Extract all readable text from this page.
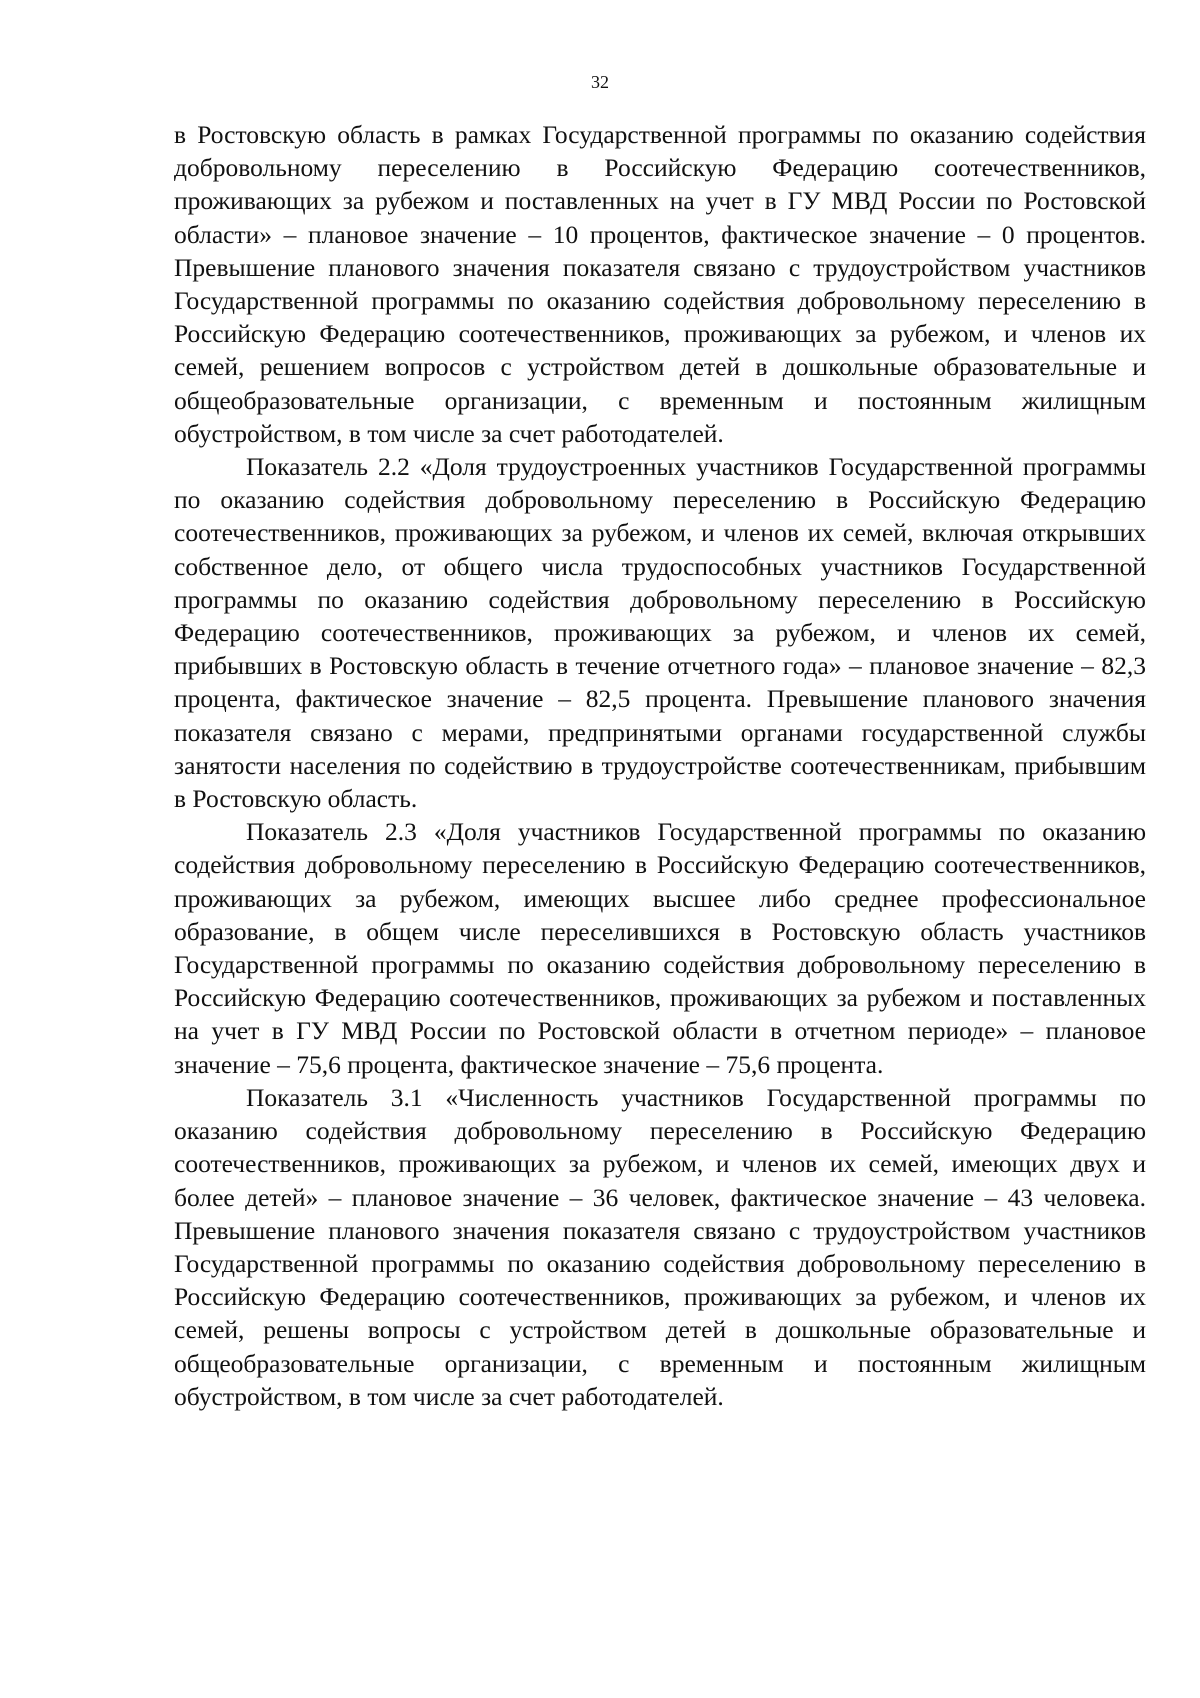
32

в Ростовскую область в рамках Государственной программы по оказанию содействия добровольному переселению в Российскую Федерацию соотечественников, проживающих за рубежом и поставленных на учет в ГУ МВД России по Ростовской области» – плановое значение – 10 процентов, фактическое значение – 0 процентов. Превышение планового значения показателя связано с трудоустройством участников Государственной программы по оказанию содействия добровольному переселению в Российскую Федерацию соотечественников, проживающих за рубежом, и членов их семей, решением вопросов с устройством детей в дошкольные образовательные и общеобразовательные организации, с временным и постоянным жилищным обустройством, в том числе за счет работодателей.

Показатель 2.2 «Доля трудоустроенных участников Государственной программы по оказанию содействия добровольному переселению в Российскую Федерацию соотечественников, проживающих за рубежом, и членов их семей, включая открывших собственное дело, от общего числа трудоспособных участников Государственной программы по оказанию содействия добровольному переселению в Российскую Федерацию соотечественников, проживающих за рубежом, и членов их семей, прибывших в Ростовскую область в течение отчетного года» – плановое значение – 82,3 процента, фактическое значение – 82,5 процента. Превышение планового значения показателя связано с мерами, предпринятыми органами государственной службы занятости населения по содействию в трудоустройстве соотечественникам, прибывшим в Ростовскую область.

Показатель 2.3 «Доля участников Государственной программы по оказанию содействия добровольному переселению в Российскую Федерацию соотечественников, проживающих за рубежом, имеющих высшее либо среднее профессиональное образование, в общем числе переселившихся в Ростовскую область участников Государственной программы по оказанию содействия добровольному переселению в Российскую Федерацию соотечественников, проживающих за рубежом и поставленных на учет в ГУ МВД России по Ростовской области в отчетном периоде» – плановое значение – 75,6 процента, фактическое значение – 75,6 процента.

Показатель 3.1 «Численность участников Государственной программы по оказанию содействия добровольному переселению в Российскую Федерацию соотечественников, проживающих за рубежом, и членов их семей, имеющих двух и более детей» – плановое значение – 36 человек, фактическое значение – 43 человека. Превышение планового значения показателя связано с трудоустройством участников Государственной программы по оказанию содействия добровольному переселению в Российскую Федерацию соотечественников, проживающих за рубежом, и членов их семей, решены вопросы с устройством детей в дошкольные образовательные и общеобразовательные организации, с временным и постоянным жилищным обустройством, в том числе за счет работодателей.
